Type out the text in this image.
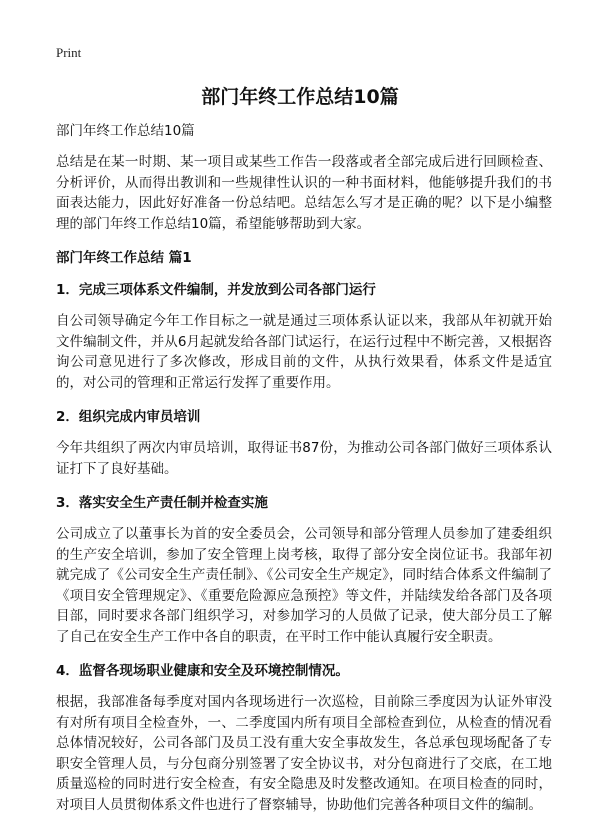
Print
部门年终工作总结10篇

部门年终工作总结10篇

总结是在某一时期、某一项目或某些工作告一段落或者全部完成后进行回顾检查、分析评价，从而得出教训和一些规律性认识的一种书面材料，他能够提升我们的书面表达能力，因此好好准备一份总结吧。总结怎么写才是正确的呢？以下是小编整理的部门年终工作总结10篇，希望能够帮助到大家。

部门年终工作总结 篇1

1．完成三项体系文件编制，并发放到公司各部门运行

自公司领导确定今年工作目标之一就是通过三项体系认证以来，我部从年初就开始文件编制文件，并从6月起就发给各部门试运行，在运行过程中不断完善，又根据咨询公司意见进行了多次修改，形成目前的文件，从执行效果看，体系文件是适宜的，对公司的管理和正常运行发挥了重要作用。

2．组织完成内审员培训

今年共组织了两次内审员培训，取得证书87份，为推动公司各部门做好三项体系认证打下了良好基础。

3．落实安全生产责任制并检查实施

公司成立了以董事长为首的安全委员会，公司领导和部分管理人员参加了建委组织的生产安全培训，参加了安全管理上岗考核，取得了部分安全岗位证书。我部年初就完成了《公司安全生产责任制》、《公司安全生产规定》，同时结合体系文件编制了《项目安全管理规定》、《重要危险源应急预控》等文件，并陆续发给各部门及各项目部，同时要求各部门组织学习，对参加学习的人员做了记录，使大部分员工了解了自己在安全生产工作中各自的职责，在平时工作中能认真履行安全职责。

4．监督各现场职业健康和安全及环境控制情况。

根据，我部准备每季度对国内各现场进行一次巡检，目前除三季度因为认证外审没有对所有项目全检查外，一、二季度国内所有项目全部检查到位，从检查的情况看总体情况较好，公司各部门及员工没有重大安全事故发生，各总承包现场配备了专职安全管理人员，与分包商分别签署了安全协议书，对分包商进行了交底，在工地质量巡检的同时进行安全检查，有安全隐患及时发整改通知。在项目检查的同时，对项目人员贯彻体系文件也进行了督察辅导，协助他们完善各种项目文件的编制。
